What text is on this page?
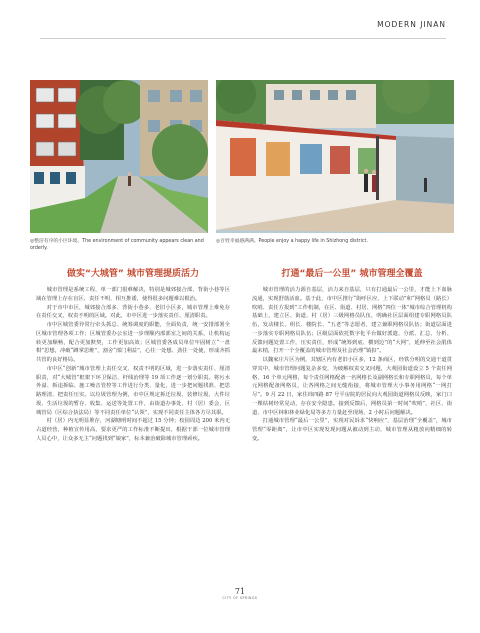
MODERN JINAN
◎整洁有序的小区环境。The environment of community appears clean and orderly.
◎百姓幸福感满满。People enjoy a happy life in Shizhong district.
做实“大城管” 城市管理提质活力

城市管理是系统工程，单一部门很难解决，特别是城郊接合部、背街小巷等区域在管理上存在盲区、责任不明、相互推诿，使得很多问题难以根治。

对于市中市区，城郊接合部多、背街小巷多、老旧小区多，城市管理上难免存在责任交叉、权责不明的区域。对此，市中区进一步落实责任、厘清职责。

市中区城管委异常行牵头抓总、统筹调度的职能，全面负责，统一安排部署全区城市管理各项工作；区城管委办公室进一步理顺内部部室之间的关系，让机构运转更加顺畅，配合更加默契，工作更加高效；区城管委各成员单位牢固树立“一盘棋”思想，冲破“蹲掌思维”，割舍“部门利益”，心往一处想、劲往一处使，形成齐抓共管的良好格局。

市中区“创新”城市管理上责任交叉、权责不明的区域，进一步落实责任、厘清职责，对“大城管”框架下环卫保洁、杆线治理等 19 项工作逐一划分职责。将污水外溢、拆违拆临、施工噪音管控等工作进行分类、量化，进一步把问题找准、把思路理清、把责任压实。以垃圾管理为例，市中区规定拆迁垃圾、装修垃圾、大件垃圾、生活垃圾的暂存、收集、运送等处置工作，由街道办事处、村（居）委会、区城管局（区综合执法局）等不同责任单位“认领”，实现不同责任主体各方尽其职。

村（居）内无明显堆存，河湖塘明时间不超过 15 分钟；校园周边 200 米内无占道经营，种植宣传用高，要求更严的工作标准不断提出，根据干部一位城市管理人员心中，让众多无主“问题找到“娘家”，标本兼治破除城市管理顽疾。

打通“最后一公里” 城市管理全覆盖

城市管理的活力源自基层，活力来自基层，只有打通最后一公里，才能上下血脉流通，实现舒筋活血。基于此，市中区推行“街呼区应、上下联动”和“网格员（路长）吹哨、责任方报到”工作机制，在区、街道、村居、网格“四位一体”城市综合管理机构基础上，建立区、街道、村（居）三级网格员队伍，明确社区层面组建专职网格员队伍，发动楼长、组长、楼院长、“五老”等志愿者，建立兼职网格员队伍；街道层面进一步落实专职网格员队伍；区级层面依托数字化平台做好派遣、分派、汇总、分析、反馈问题处置工作，压实责任，形成“统筹到底、横到边”的“大网”，延伸至社会肌体最末梢，打开一个全覆盖的城市管理及社会治理“镇扣”。

以魏家庄片区为例，其辖区内有老旧小区多，12 条商区，经铁分明的交通干道贯穿其中，城市管理问题复杂多变，为破解权责交叉问题，大观园街道设立 5 个责任网格、16 个单元网格，每个责任网格配备一名网格长及副网格长和专职网格员，每个单元网格配备网格员，让各网格之间无缝衔接，将城市管理大小事务用网格“一网打尽”。9 月 22 日，家住纬四路 87 号平房院的居民向大观园街道网格员反映，家门口一棵枯树经常晃动，存在安全隐患。接到反馈后，网格员第一时间“吹哨”，社区、街道、市中区林和林业绿化局等多方力量赶至现场，2 小时后问题解决。

打通城市管理“最后一公里”，实现对民诉求“快响应”，基层治理“全覆盖”，城市管理“零距离”，让市中区实现发现问题从被动到主动，城市管理从粗放向精细的转变。

71
CITY OF SPRINGS
